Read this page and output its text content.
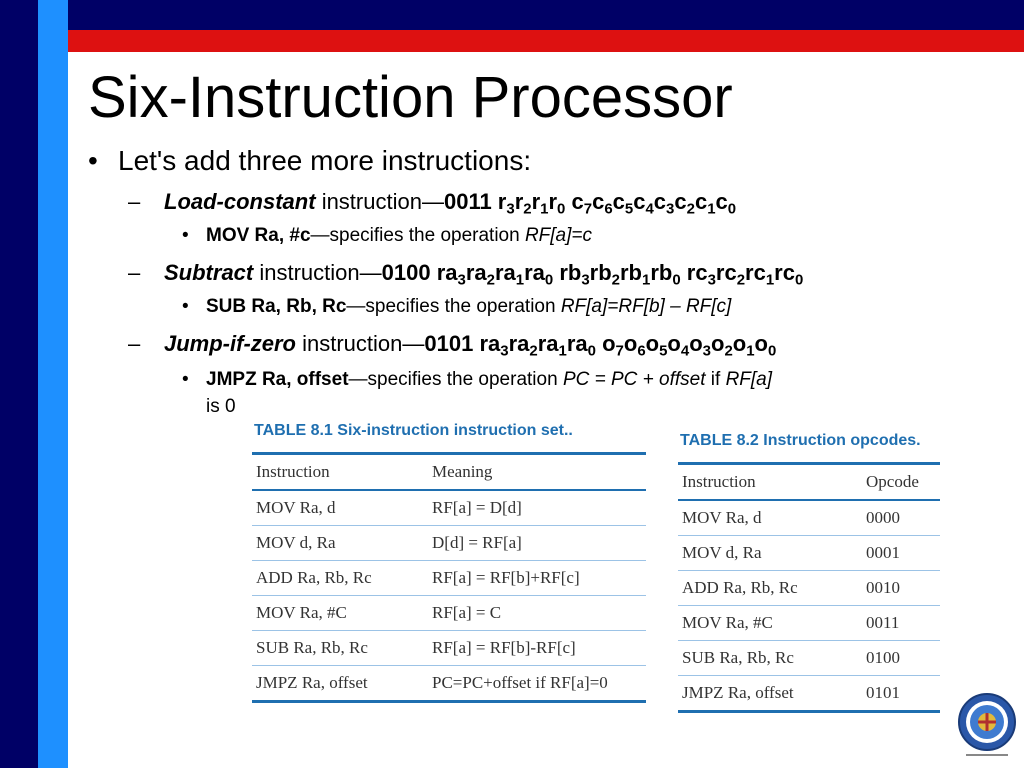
Six-Instruction Processor
• Let's add three more instructions:
– Load-constant instruction—0011 $r_3r_2r_1r_0$ $c_7c_6c_5c_4c_3c_2c_1c_0$
• MOV Ra, #c—specifies the operation RF[a]=c
– Subtract instruction—0100 $ra_3ra_2ra_1ra_0$ $rb_3rb_2rb_1rb_0$ $rc_3rc_2rc_1rc_0$
• SUB Ra, Rb, Rc—specifies the operation RF[a]=RF[b] – RF[c]
– Jump-if-zero instruction—0101 $ra_3ra_2ra_1ra_0$ $o_7o_6o_5o_4o_3o_2o_1o_0$
• JMPZ Ra, offset—specifies the operation PC = PC + offset if RF[a]
is 0
TABLE 8.1 Six-instruction instruction set..
Instruction	Meaning
MOV Ra, d	RF[a] = D[d]
MOV d, Ra	D[d] = RF[a]
ADD Ra, Rb, Rc	RF[a] = RF[b]+RF[c]
MOV Ra, #C	RF[a] = C
SUB Ra, Rb, Rc	RF[a] = RF[b]-RF[c]
JMPZ Ra, offset	PC=PC+offset if RF[a]=0
TABLE 8.2 Instruction opcodes.
Instruction	Opcode
MOV Ra, d	0000
MOV d, Ra	0001
ADD Ra, Rb, Rc	0010
MOV Ra, #C	0011
SUB Ra, Rb, Rc	0100
JMPZ Ra, offset	0101
